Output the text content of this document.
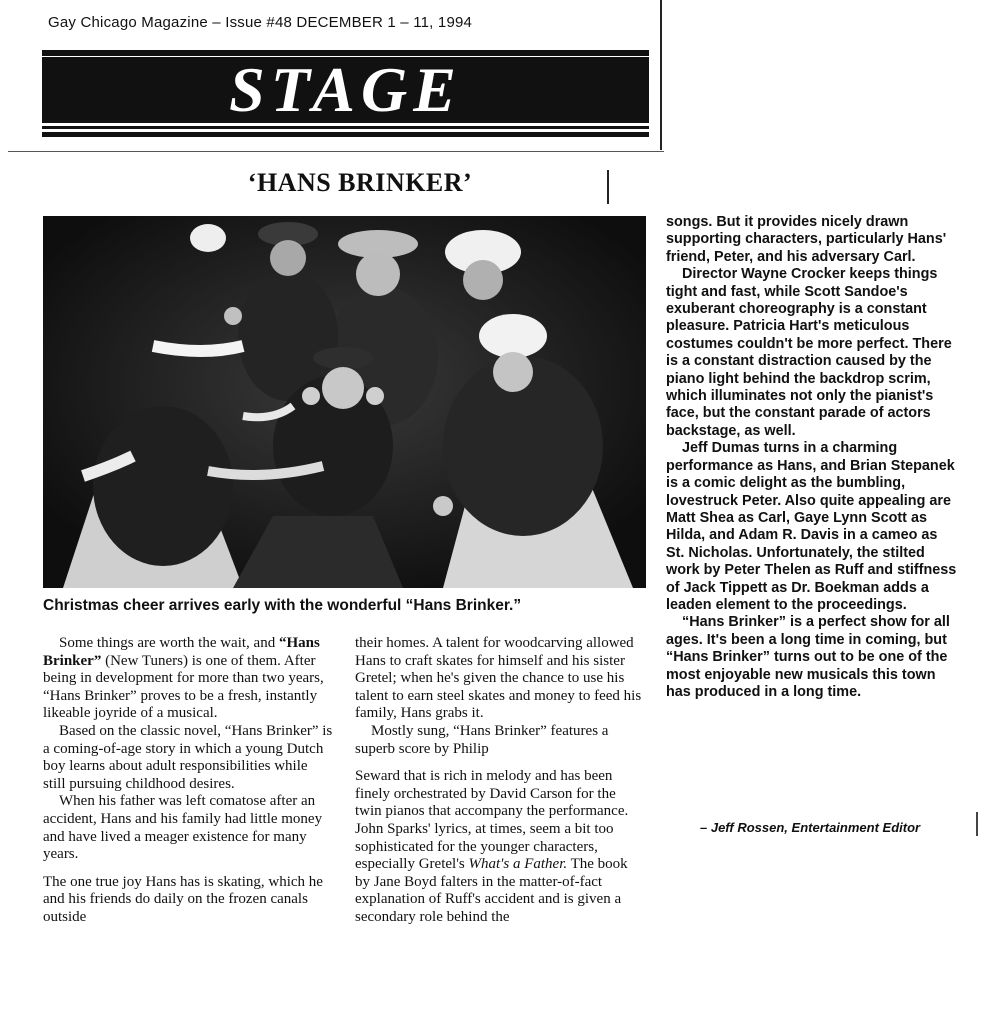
Gay Chicago Magazine – Issue #48 DECEMBER 1 – 11, 1994
STAGE
‘HANS BRINKER’
Christmas cheer arrives early with the wonderful “Hans Brinker.”

Some things are worth the wait, and “Hans Brinker” (New Tuners) is one of them. After being in development for more than two years, “Hans Brinker” proves to be a fresh, instantly likeable joyride of a musical.

Based on the classic novel, “Hans Brinker” is a coming-of-age story in which a young Dutch boy learns about adult responsibilities while still pursuing childhood desires.

When his father was left comatose after an accident, Hans and his family had little money and have lived a meager existence for many years.

The one true joy Hans has is skating, which he and his friends do daily on the frozen canals outside

their homes. A talent for woodcarving allowed Hans to craft skates for himself and his sister Gretel; when he's given the chance to use his talent to earn steel skates and money to feed his family, Hans grabs it.

Mostly sung, “Hans Brinker” features a superb score by Philip

Seward that is rich in melody and has been finely orchestrated by David Carson for the twin pianos that accompany the performance. John Sparks' lyrics, at times, seem a bit too sophisticated for the younger characters, especially Gretel's What's a Father. The book by Jane Boyd falters in the matter-of-fact explanation of Ruff's accident and is given a secondary role behind the

songs. But it provides nicely drawn supporting characters, particularly Hans' friend, Peter, and his adversary Carl.

Director Wayne Crocker keeps things tight and fast, while Scott Sandoe's exuberant choreography is a constant pleasure. Patricia Hart's meticulous costumes couldn't be more perfect. There is a constant distraction caused by the piano light behind the backdrop scrim, which illuminates not only the pianist's face, but the constant parade of actors backstage, as well.

Jeff Dumas turns in a charming performance as Hans, and Brian Stepanek is a comic delight as the bumbling, lovestruck Peter. Also quite appealing are Matt Shea as Carl, Gaye Lynn Scott as Hilda, and Adam R. Davis in a cameo as St. Nicholas. Unfortunately, the stilted work by Peter Thelen as Ruff and stiffness of Jack Tippett as Dr. Boekman adds a leaden element to the proceedings.

“Hans Brinker” is a perfect show for all ages. It's been a long time in coming, but “Hans Brinker” turns out to be one of the most enjoyable new musicals this town has produced in a long time.

– Jeff Rossen, Entertainment Editor
